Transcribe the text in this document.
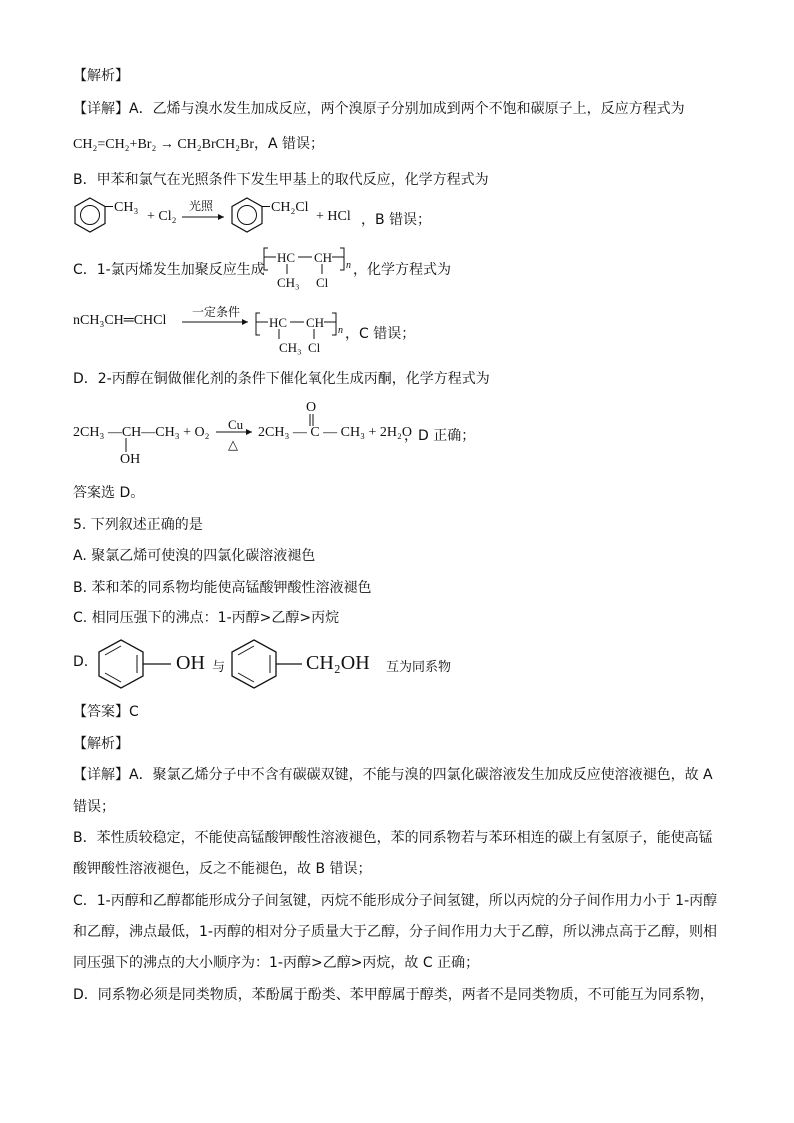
【解析】
【详解】A．乙烯与溴水发生加成反应，两个溴原子分别加成到两个不饱和碳原子上，反应方程式为
CH₂=CH₂+Br₂ → CH₂BrCH₂Br，A 错误；
B．甲苯和氯气在光照条件下发生甲基上的取代反应，化学方程式为
CH₃
+ Cl₂
光照	CH₂Cl
+ HCl ，B 错误；
C．1-氯丙烯发生加聚反应生成
HC CH
n
CH₃ Cl
，化学方程式为
nCH₃CH═CHCl
一定条件
HC CH
n
CH₃ Cl
，C 错误；
D．2-丙醇在铜做催化剂的条件下催化氧化生成丙酮，化学方程式为
2CH₃ —CH—CH₃ + O₂
OH
Cu
△
O
2CH₃ — C — CH₃ + 2H₂O
，D 正确；
答案选 D。
5. 下列叙述正确的是
A. 聚氯乙烯可使溴的四氯化碳溶液褪色
B. 苯和苯的同系物均能使高锰酸钾酸性溶液褪色
C. 相同压强下的沸点：1-丙醇>乙醇>丙烷
D.	OH 与	CH₂OH 互为同系物
【答案】C
【解析】
【详解】A．聚氯乙烯分子中不含有碳碳双键，不能与溴的四氯化碳溶液发生加成反应使溶液褪色，故 A
错误；
B．苯性质较稳定，不能使高锰酸钾酸性溶液褪色，苯的同系物若与苯环相连的碳上有氢原子，能使高锰
酸钾酸性溶液褪色，反之不能褪色，故 B 错误；
C．1-丙醇和乙醇都能形成分子间氢键，丙烷不能形成分子间氢键，所以丙烷的分子间作用力小于 1-丙醇
和乙醇，沸点最低，1-丙醇的相对分子质量大于乙醇，分子间作用力大于乙醇，所以沸点高于乙醇，则相
同压强下的沸点的大小顺序为：1-丙醇>乙醇>丙烷，故 C 正确；
D．同系物必须是同类物质，苯酚属于酚类、苯甲醇属于醇类，两者不是同类物质，不可能互为同系物，
